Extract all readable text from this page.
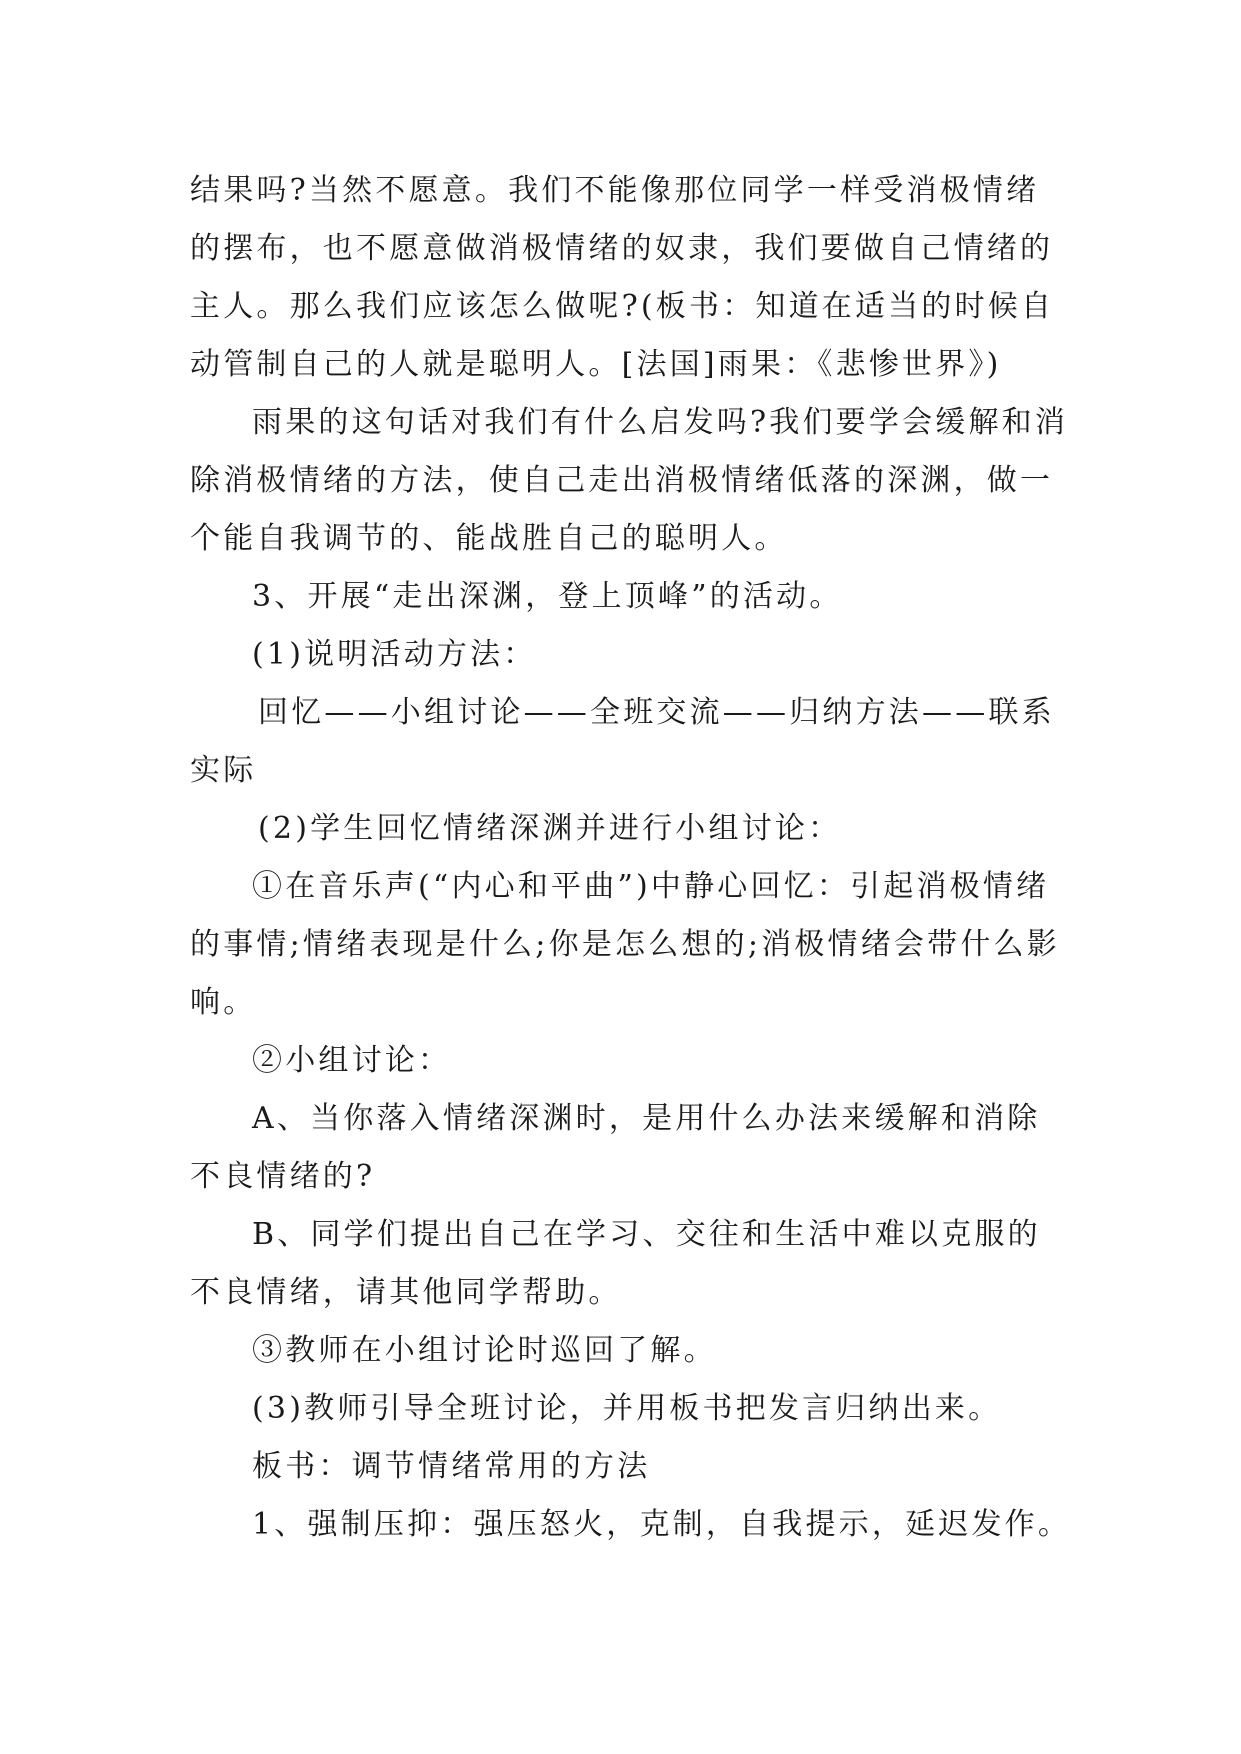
结果吗?当然不愿意。我们不能像那位同学一样受消极情绪的摆布，也不愿意做消极情绪的奴隶，我们要做自己情绪的主人。那么我们应该怎么做呢?(板书：知道在适当的时候自动管制自己的人就是聪明人。[法国]雨果：《悲惨世界》)

雨果的这句话对我们有什么启发吗?我们要学会缓解和消除消极情绪的方法，使自己走出消极情绪低落的深渊，做一个能自我调节的、能战胜自己的聪明人。

3、开展“走出深渊，登上顶峰”的活动。

(1)说明活动方法：

回忆——小组讨论——全班交流——归纳方法——联系实际

(2)学生回忆情绪深渊并进行小组讨论：

①在音乐声(“内心和平曲”)中静心回忆：引起消极情绪的事情;情绪表现是什么;你是怎么想的;消极情绪会带什么影响。

②小组讨论：

A、当你落入情绪深渊时，是用什么办法来缓解和消除不良情绪的?

B、同学们提出自己在学习、交往和生活中难以克服的不良情绪，请其他同学帮助。

③教师在小组讨论时巡回了解。

(3)教师引导全班讨论，并用板书把发言归纳出来。

板书：调节情绪常用的方法

1、强制压抑：强压怒火，克制，自我提示，延迟发作。
